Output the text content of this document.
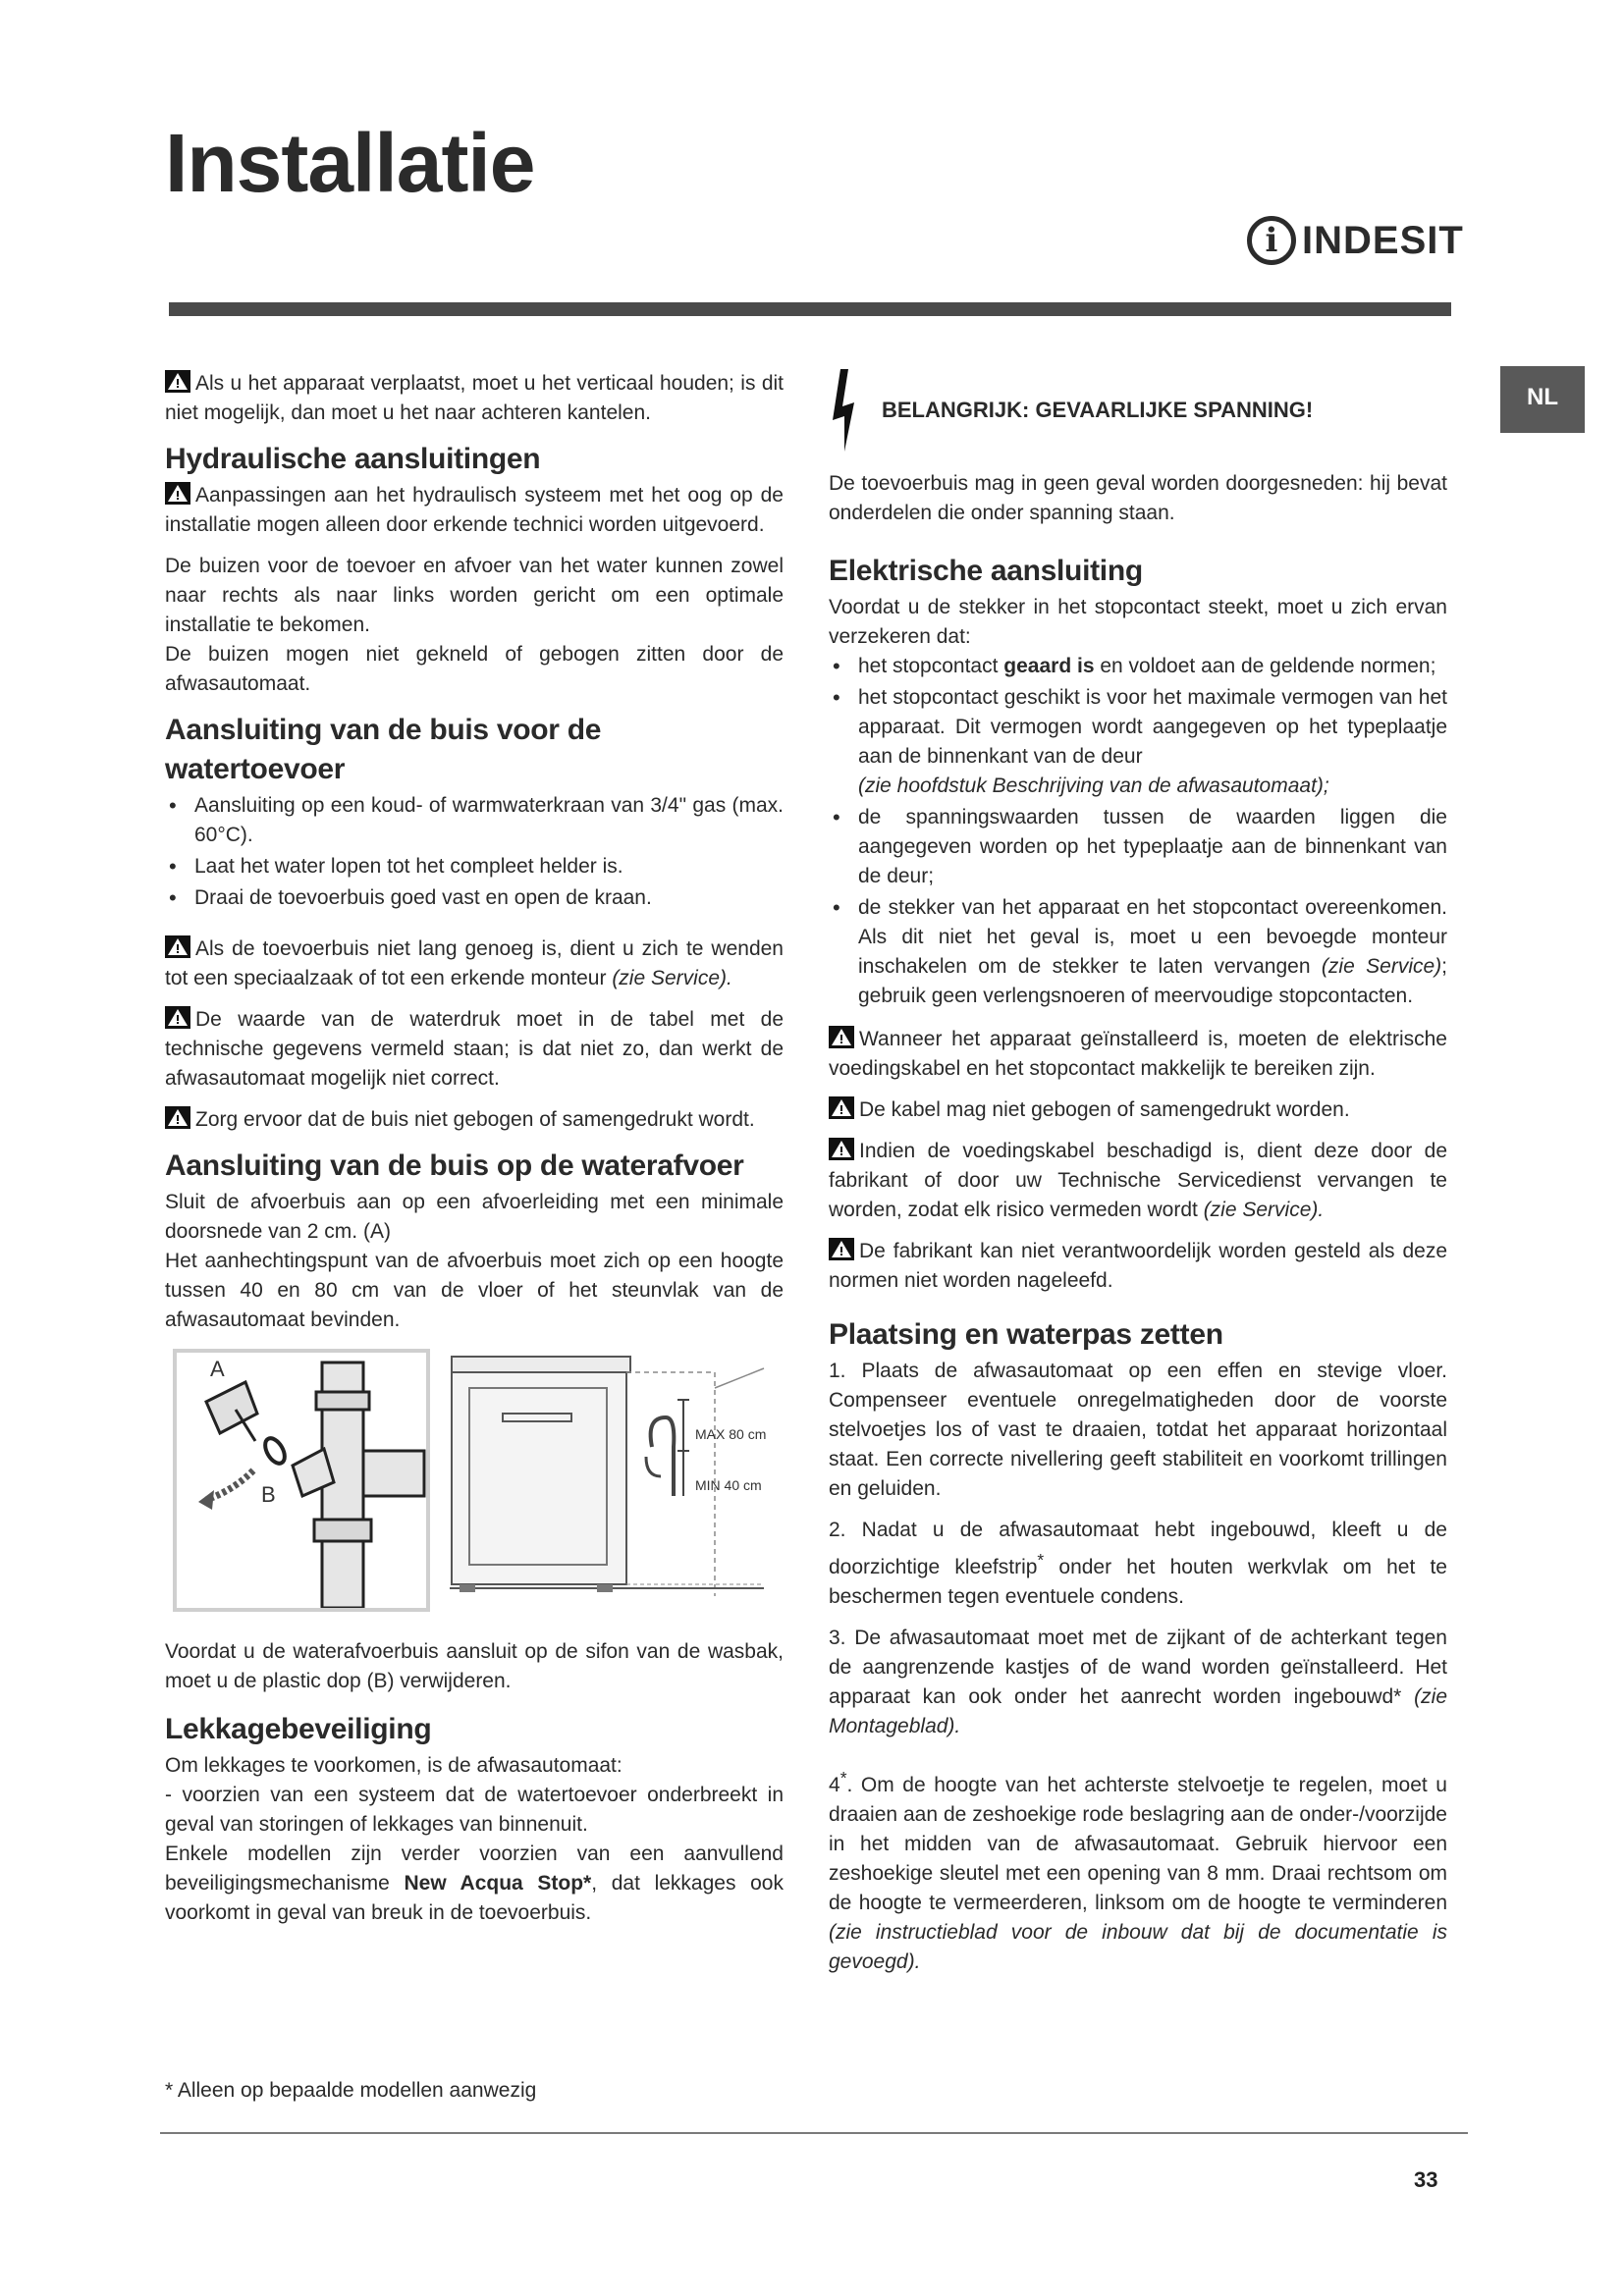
Installatie
i INDESIT
NL

Als u het apparaat verplaatst, moet u het verticaal houden; is dit niet mogelijk, dan moet u het naar achteren kantelen.

Hydraulische aansluitingen

Aanpassingen aan het hydraulisch systeem met het oog op de installatie mogen alleen door erkende technici worden uitgevoerd.

De buizen voor de toevoer en afvoer van het water kunnen zowel naar rechts als naar links worden gericht om een optimale installatie te bekomen.

De buizen mogen niet gekneld of gebogen zitten door de afwasautomaat.

Aansluiting van de buis voor de watertoevoer
• Aansluiting op een koud- of warmwaterkraan van 3/4" gas (max. 60°C).
• Laat het water lopen tot het compleet helder is.
• Draai de toevoerbuis goed vast en open de kraan.

Als de toevoerbuis niet lang genoeg is, dient u zich te wenden tot een speciaalzaak of tot een erkende monteur (zie Service).

De waarde van de waterdruk moet in de tabel met de technische gegevens vermeld staan; is dat niet zo, dan werkt de afwasautomaat mogelijk niet correct.

Zorg ervoor dat de buis niet gebogen of samengedrukt wordt.

Aansluiting van de buis op de waterafvoer

Sluit de afvoerbuis aan op een afvoerleiding met een minimale doorsnede van 2 cm. (A)

Het aanhechtingspunt van de afvoerbuis moet zich op een hoogte tussen 40 en 80 cm van de vloer of het steunvlak van de afwasautomaat bevinden.

A
B
MAX 80 cm
MIN 40 cm

Voordat u de waterafvoerbuis aansluit op de sifon van de wasbak, moet u de plastic dop (B) verwijderen.

Lekkagebeveiliging

Om lekkages te voorkomen, is de afwasautomaat:

- voorzien van een systeem dat de watertoevoer onderbreekt in geval van storingen of lekkages van binnenuit.

Enkele modellen zijn verder voorzien van een aanvullend beveiligingsmechanisme New Acqua Stop*, dat lekkages ook voorkomt in geval van breuk in de toevoerbuis.

BELANGRIJK: GEVAARLIJKE SPANNING!

De toevoerbuis mag in geen geval worden doorgesneden: hij bevat onderdelen die onder spanning staan.

Elektrische aansluiting

Voordat u de stekker in het stopcontact steekt, moet u zich ervan verzekeren dat:

• het stopcontact geaard is en voldoet aan de geldende normen;
• het stopcontact geschikt is voor het maximale vermogen van het apparaat. Dit vermogen wordt aangegeven op het typeplaatje aan de binnenkant van de deur
(zie hoofdstuk Beschrijving van de afwasautomaat);
• de spanningswaarden tussen de waarden liggen die aangegeven worden op het typeplaatje aan de binnenkant van de deur;
• de stekker van het apparaat en het stopcontact overeenkomen. Als dit niet het geval is, moet u een bevoegde monteur inschakelen om de stekker te laten vervangen (zie Service); gebruik geen verlengsnoeren of meervoudige stopcontacten.

Wanneer het apparaat geïnstalleerd is, moeten de elektrische voedingskabel en het stopcontact makkelijk te bereiken zijn.

De kabel mag niet gebogen of samengedrukt worden.

Indien de voedingskabel beschadigd is, dient deze door de fabrikant of door uw Technische Servicedienst vervangen te worden, zodat elk risico vermeden wordt (zie Service).

De fabrikant kan niet verantwoordelijk worden gesteld als deze normen niet worden nageleefd.

Plaatsing en waterpas zetten

1. Plaats de afwasautomaat op een effen en stevige vloer. Compenseer eventuele onregelmatigheden door de voorste stelvoetjes los of vast te draaien, totdat het apparaat horizontaal staat. Een correcte nivellering geeft stabiliteit en voorkomt trillingen en geluiden.

2. Nadat u de afwasautomaat hebt ingebouwd, kleeft u de doorzichtige kleefstrip* onder het houten werkvlak om het te beschermen tegen eventuele condens.

3. De afwasautomaat moet met de zijkant of de achterkant tegen de aangrenzende kastjes of de wand worden geïnstalleerd. Het apparaat kan ook onder het aanrecht worden ingebouwd* (zie Montageblad).

4*. Om de hoogte van het achterste stelvoetje te regelen, moet u draaien aan de zeshoekige rode beslagring aan de onder-/voorzijde in het midden van de afwasautomaat. Gebruik hiervoor een zeshoekige sleutel met een opening van 8 mm. Draai rechtsom om de hoogte te vermeerderen, linksom om de hoogte te verminderen (zie instructieblad voor de inbouw dat bij de documentatie is gevoegd).

* Alleen op bepaalde modellen aanwezig
33
